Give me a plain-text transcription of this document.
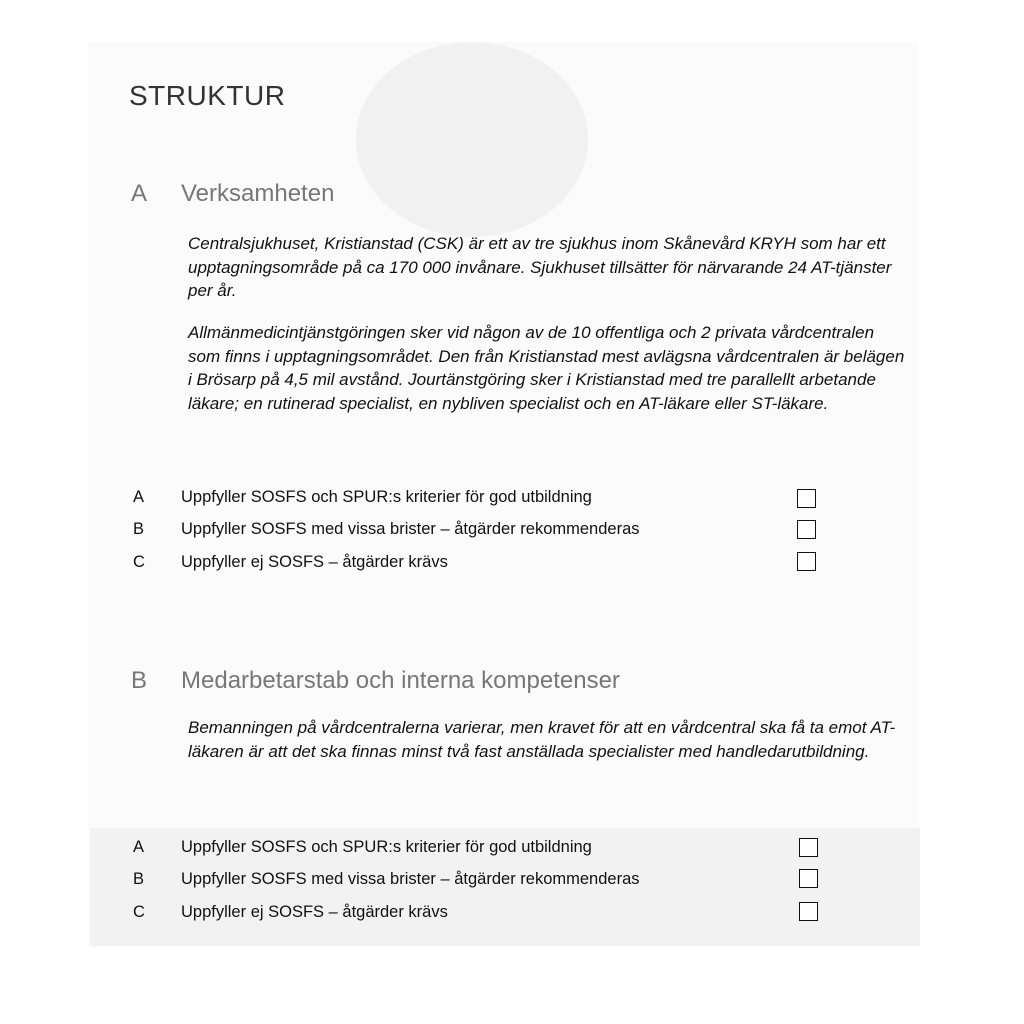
STRUKTUR
A Verksamheten

Centralsjukhuset, Kristianstad (CSK) är ett av tre sjukhus inom Skånevård KRYH som har ett upptagningsområde på ca 170 000 invånare. Sjukhuset tillsätter för närvarande 24 AT-tjänster per år.

Allmänmedicintjänstgöringen sker vid någon av de 10 offentliga och 2 privata vårdcentralen som finns i upptagningsområdet. Den från Kristianstad mest avlägsna vårdcentralen är belägen i Brösarp på 4,5 mil avstånd. Jourtänstgöring sker i Kristianstad med tre parallellt arbetande läkare; en rutinerad specialist, en nybliven specialist och en AT-läkare eller ST-läkare.

A Uppfyller SOSFS och SPUR:s kriterier för god utbildning
B Uppfyller SOSFS med vissa brister – åtgärder rekommenderas
C Uppfyller ej SOSFS – åtgärder krävs
B Medarbetarstab och interna kompetenser

Bemanningen på vårdcentralerna varierar, men kravet för att en vårdcentral ska få ta emot AT-läkaren är att det ska finnas minst två fast anställada specialister med handledarutbildning.

A Uppfyller SOSFS och SPUR:s kriterier för god utbildning
B Uppfyller SOSFS med vissa brister – åtgärder rekommenderas
C Uppfyller ej SOSFS – åtgärder krävs
